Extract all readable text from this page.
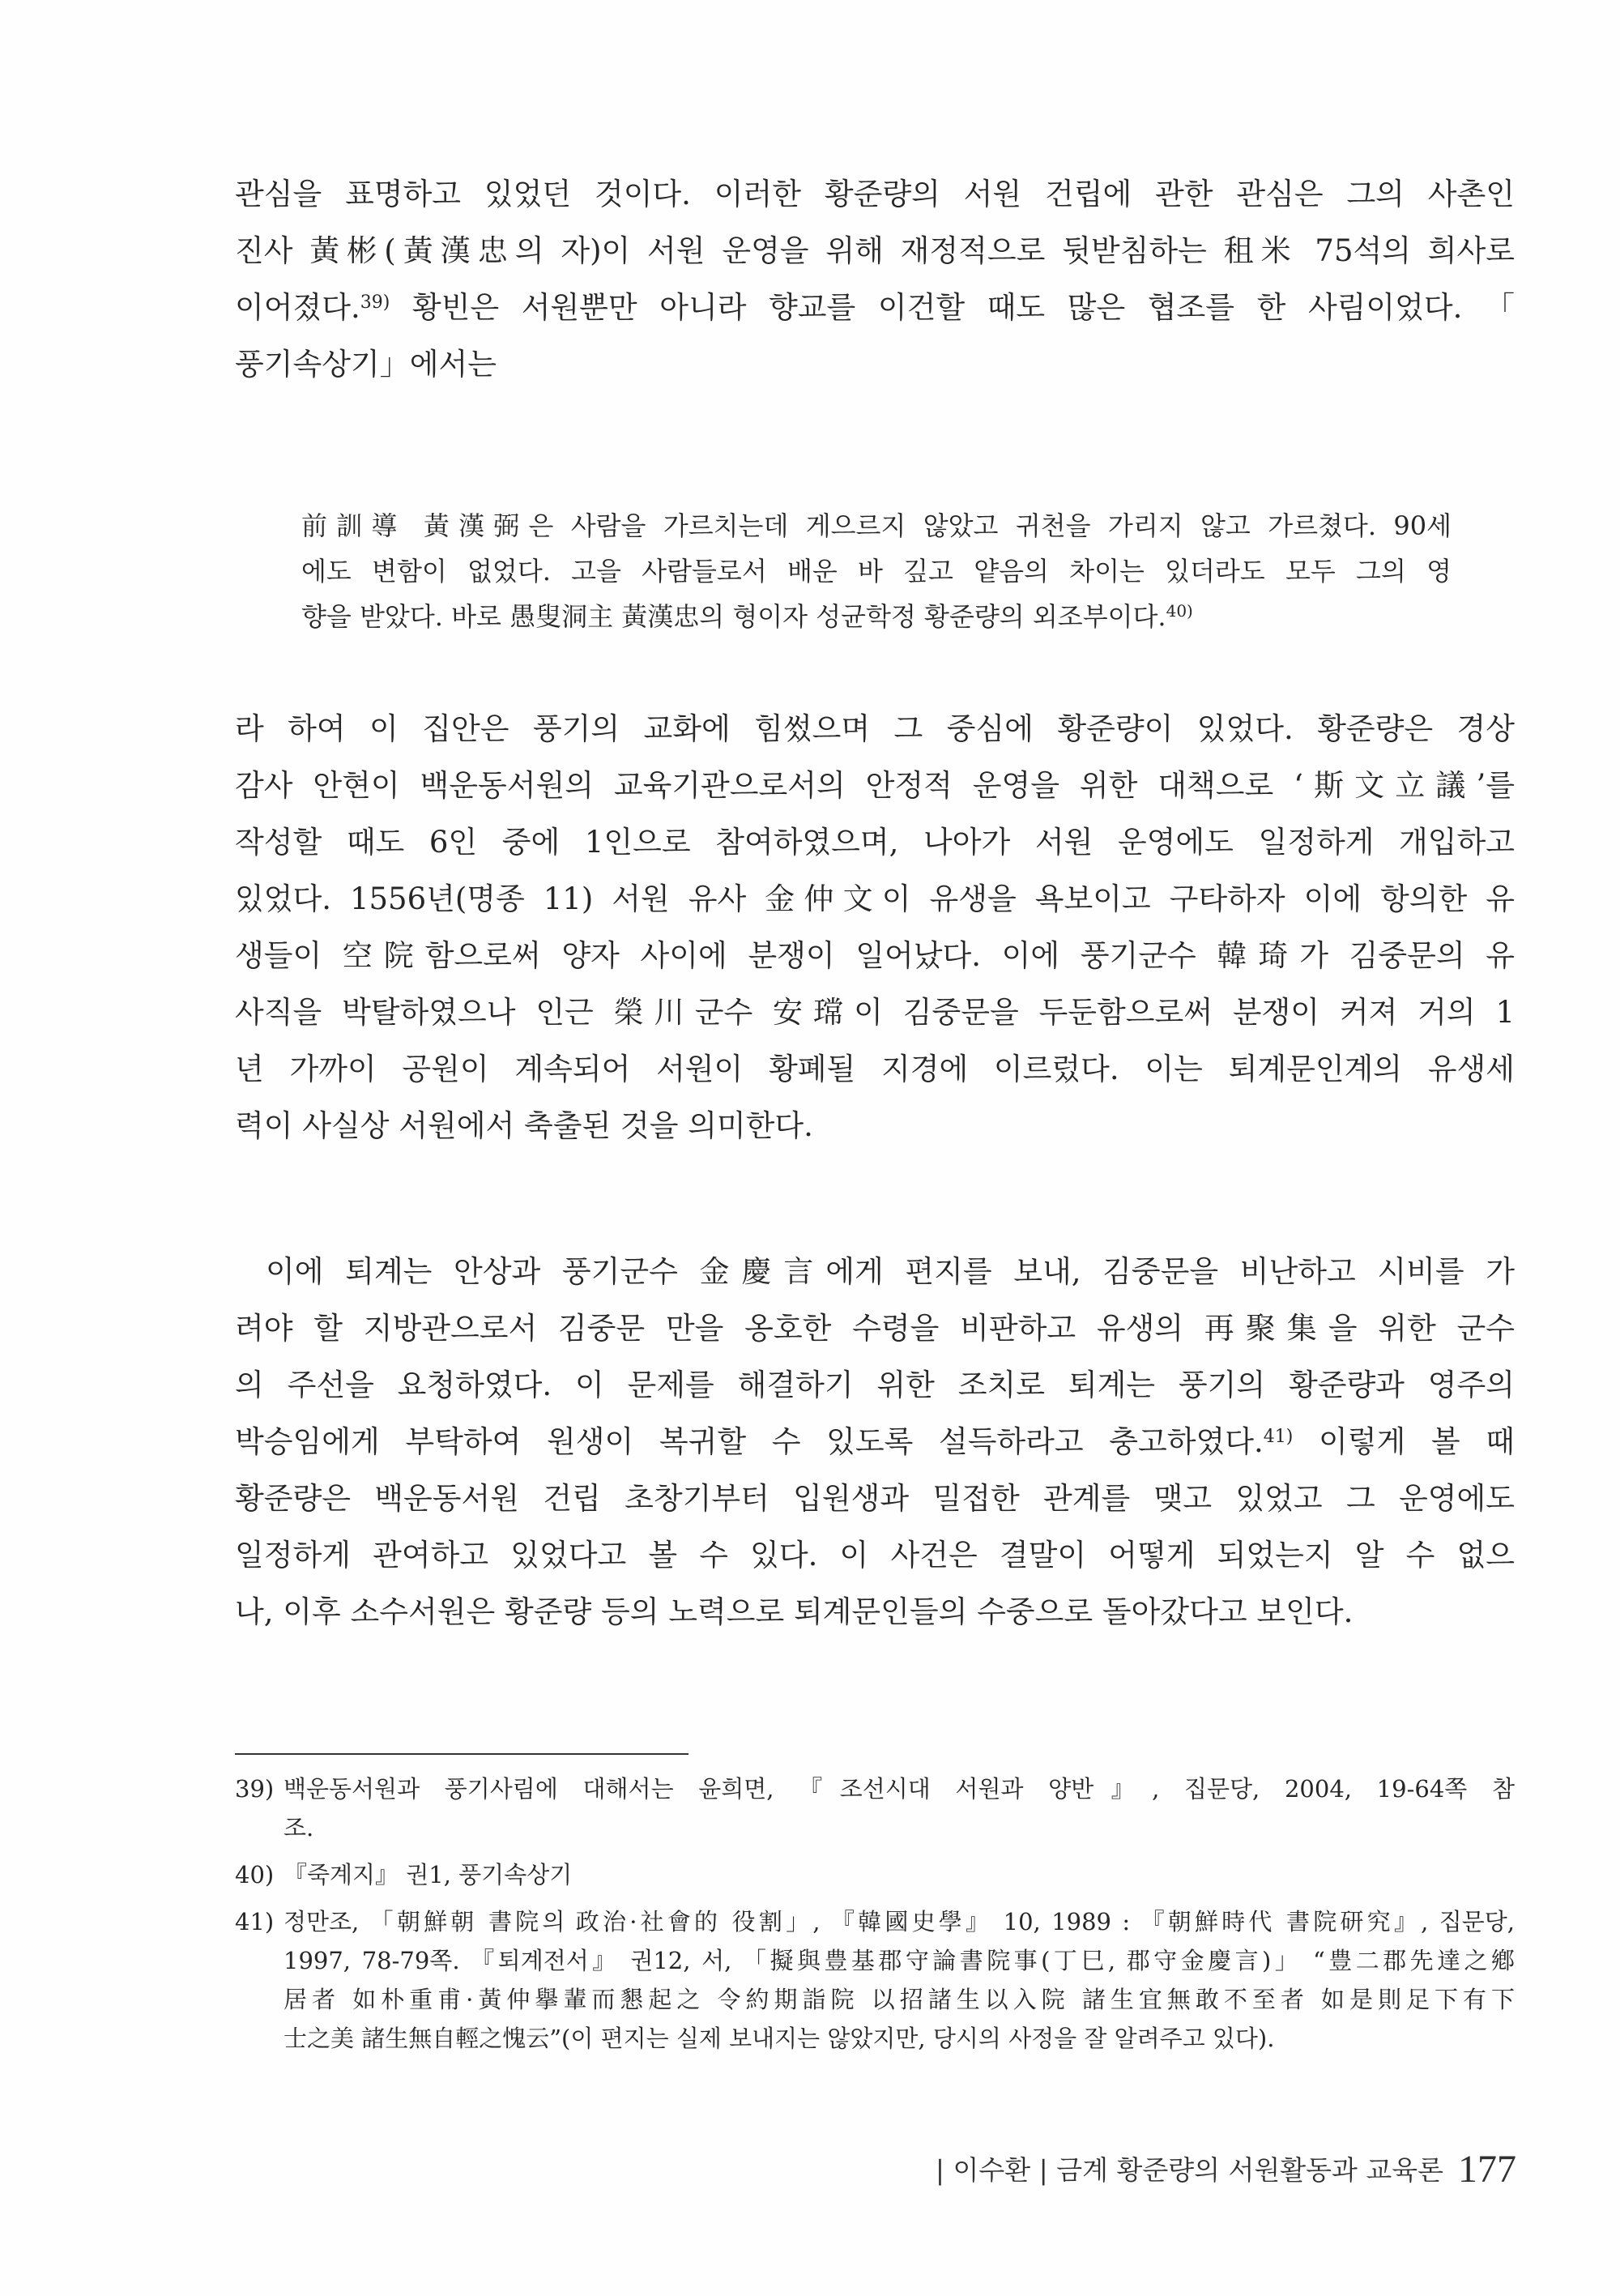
관심을 표명하고 있었던 것이다. 이러한 황준량의 서원 건립에 관한 관심은 그의 사촌인
진사 黃彬(黃漢忠의 자)이 서원 운영을 위해 재정적으로 뒷받침하는 租米 75석의 희사로
이어졌다.$^{39)}$ 황빈은 서원뿐만 아니라 향교를 이건할 때도 많은 협조를 한 사림이었다. 「
풍기속상기」에서는
前訓導 黃漢弼은 사람을 가르치는데 게으르지 않았고 귀천을 가리지 않고 가르쳤다. 90세
에도 변함이 없었다. 고을 사람들로서 배운 바 깊고 얕음의 차이는 있더라도 모두 그의 영
향을 받았다. 바로 愚叟洞主 黃漢忠의 형이자 성균학정 황준량의 외조부이다.$^{40)}$
라 하여 이 집안은 풍기의 교화에 힘썼으며 그 중심에 황준량이 있었다. 황준량은 경상
감사 안현이 백운동서원의 교육기관으로서의 안정적 운영을 위한 대책으로 ‘斯文立議’를
작성할 때도 6인 중에 1인으로 참여하였으며, 나아가 서원 운영에도 일정하게 개입하고
있었다. 1556년(명종 11) 서원 유사 金仲文이 유생을 욕보이고 구타하자 이에 항의한 유
생들이 空院함으로써 양자 사이에 분쟁이 일어났다. 이에 풍기군수 韓琦가 김중문의 유
사직을 박탈하였으나 인근 榮川군수 安瑺이 김중문을 두둔함으로써 분쟁이 커져 거의 1
년 가까이 공원이 계속되어 서원이 황폐될 지경에 이르렀다. 이는 퇴계문인계의 유생세
력이 사실상 서원에서 축출된 것을 의미한다.
이에 퇴계는 안상과 풍기군수 金慶言에게 편지를 보내, 김중문을 비난하고 시비를 가
려야 할 지방관으로서 김중문 만을 옹호한 수령을 비판하고 유생의 再聚集을 위한 군수
의 주선을 요청하였다. 이 문제를 해결하기 위한 조치로 퇴계는 풍기의 황준량과 영주의
박승임에게 부탁하여 원생이 복귀할 수 있도록 설득하라고 충고하였다.$^{41)}$ 이렇게 볼 때
황준량은 백운동서원 건립 초창기부터 입원생과 밀접한 관계를 맺고 있었고 그 운영에도
일정하게 관여하고 있었다고 볼 수 있다. 이 사건은 결말이 어떻게 되었는지 알 수 없으
나, 이후 소수서원은 황준량 등의 노력으로 퇴계문인들의 수중으로 돌아갔다고 보인다.
39) 백운동서원과 풍기사림에 대해서는 윤희면, 『조선시대 서원과 양반』, 집문당, 2004, 19-64쪽 참
조.
40) 『죽계지』 권1, 풍기속상기
41) 정만조, 「朝鮮朝 書院의 政治·社會的 役割」, 『韓國史學』 10, 1989 : 『朝鮮時代 書院研究』, 집문당,
1997, 78-79쪽. 『퇴계전서』 권12, 서, 「擬與豊基郡守論書院事(丁巳, 郡守金慶言)」 “豊二郡先達之鄕
居者 如朴重甫·黃仲擧輩而懇起之 令約期詣院 以招諸生以入院 諸生宜無敢不至者 如是則足下有下
士之美 諸生無自輕之愧云”(이 편지는 실제 보내지는 않았지만, 당시의 사정을 잘 알려주고 있다).
| 이수환 | 금계 황준량의 서원활동과 교육론 177
